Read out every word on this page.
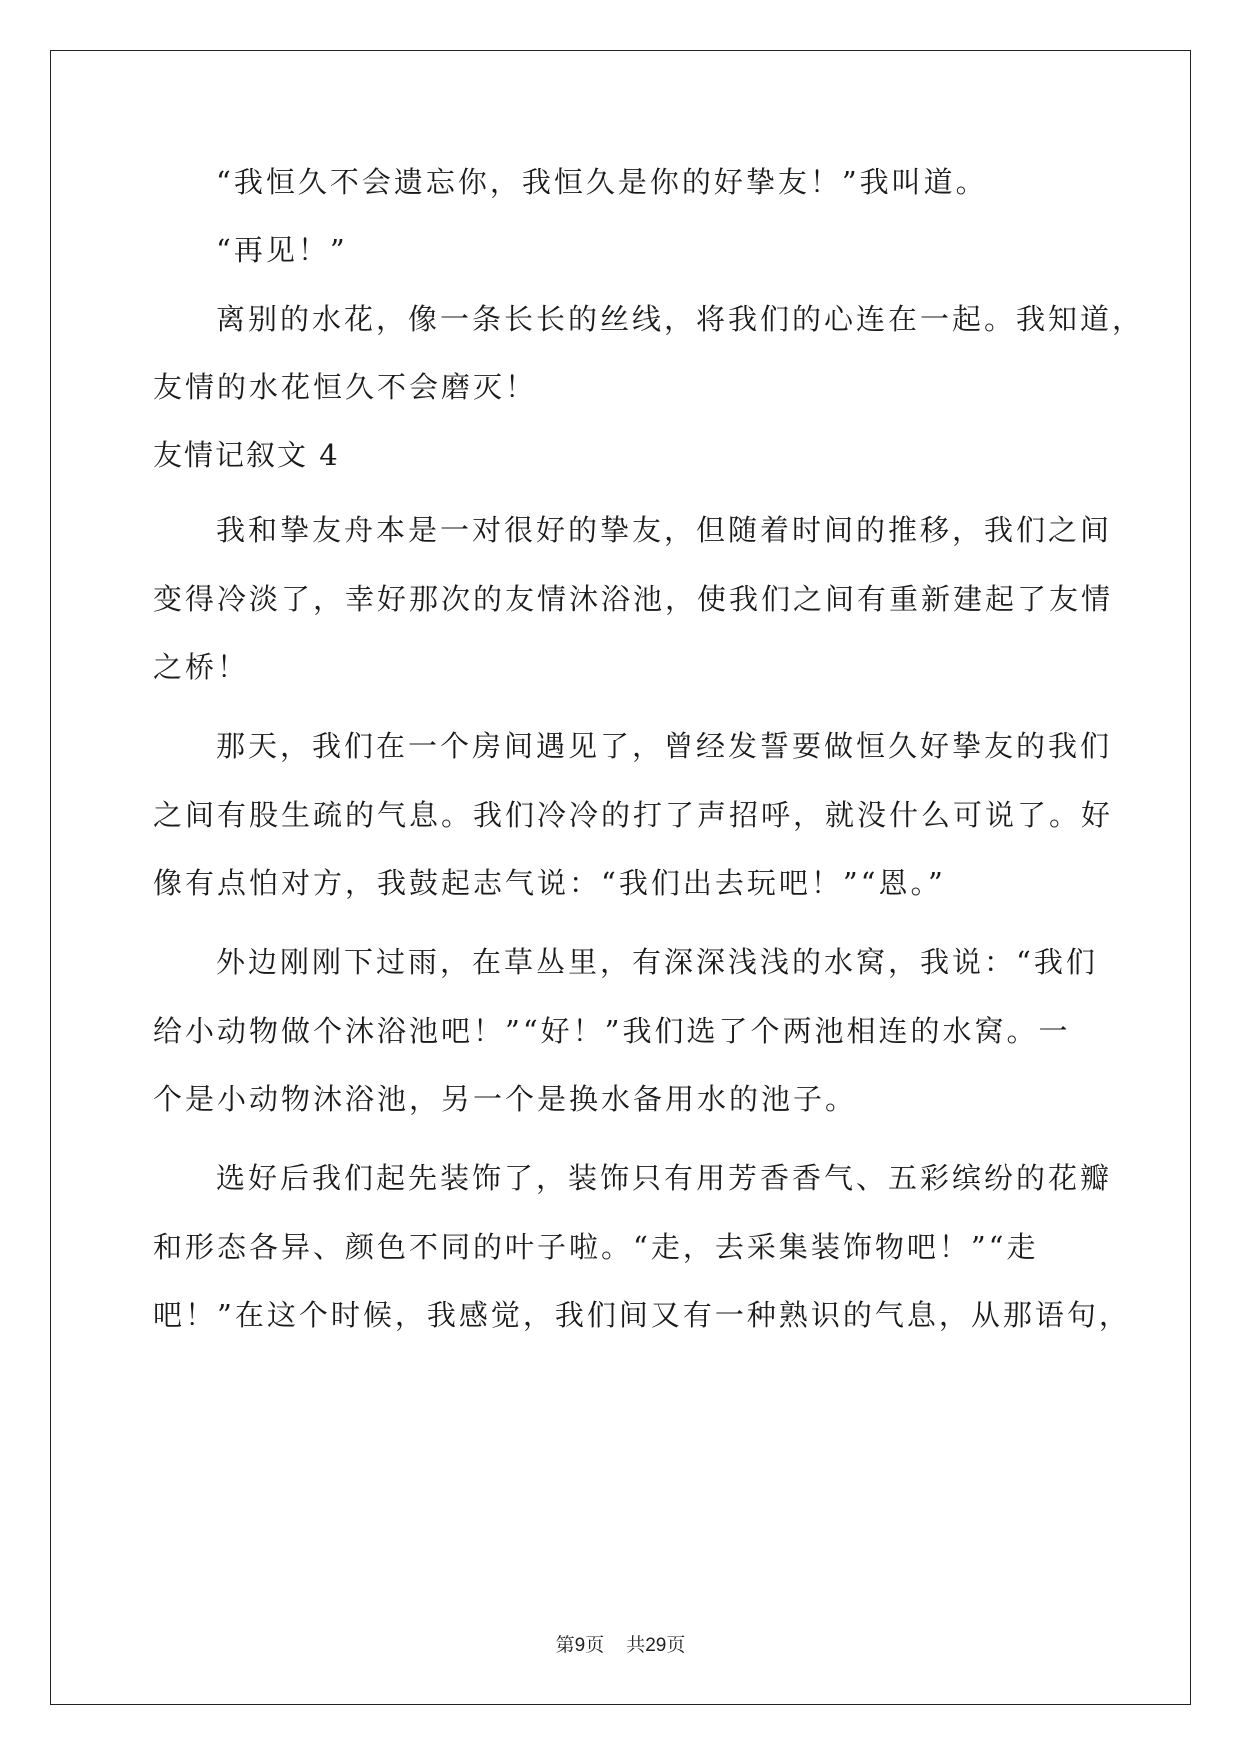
“我恒久不会遗忘你，我恒久是你的好挚友！”我叫道。
“再见！”
离别的水花，像一条长长的丝线，将我们的心连在一起。我知道，
友情的水花恒久不会磨灭！
友情记叙文 4
我和挚友舟本是一对很好的挚友，但随着时间的推移，我们之间
变得冷淡了，幸好那次的友情沐浴池，使我们之间有重新建起了友情
之桥！
那天，我们在一个房间遇见了，曾经发誓要做恒久好挚友的我们
之间有股生疏的气息。我们冷冷的打了声招呼，就没什么可说了。好
像有点怕对方，我鼓起志气说：“我们出去玩吧！”“恩。”
外边刚刚下过雨，在草丛里，有深深浅浅的水窝，我说：“我们
给小动物做个沐浴池吧！”“好！”我们选了个两池相连的水窝。一
个是小动物沐浴池，另一个是换水备用水的池子。
选好后我们起先装饰了，装饰只有用芳香香气、五彩缤纷的花瓣
和形态各异、颜色不同的叶子啦。“走，去采集装饰物吧！”“走
吧！”在这个时候，我感觉，我们间又有一种熟识的气息，从那语句，
第9页 共29页
